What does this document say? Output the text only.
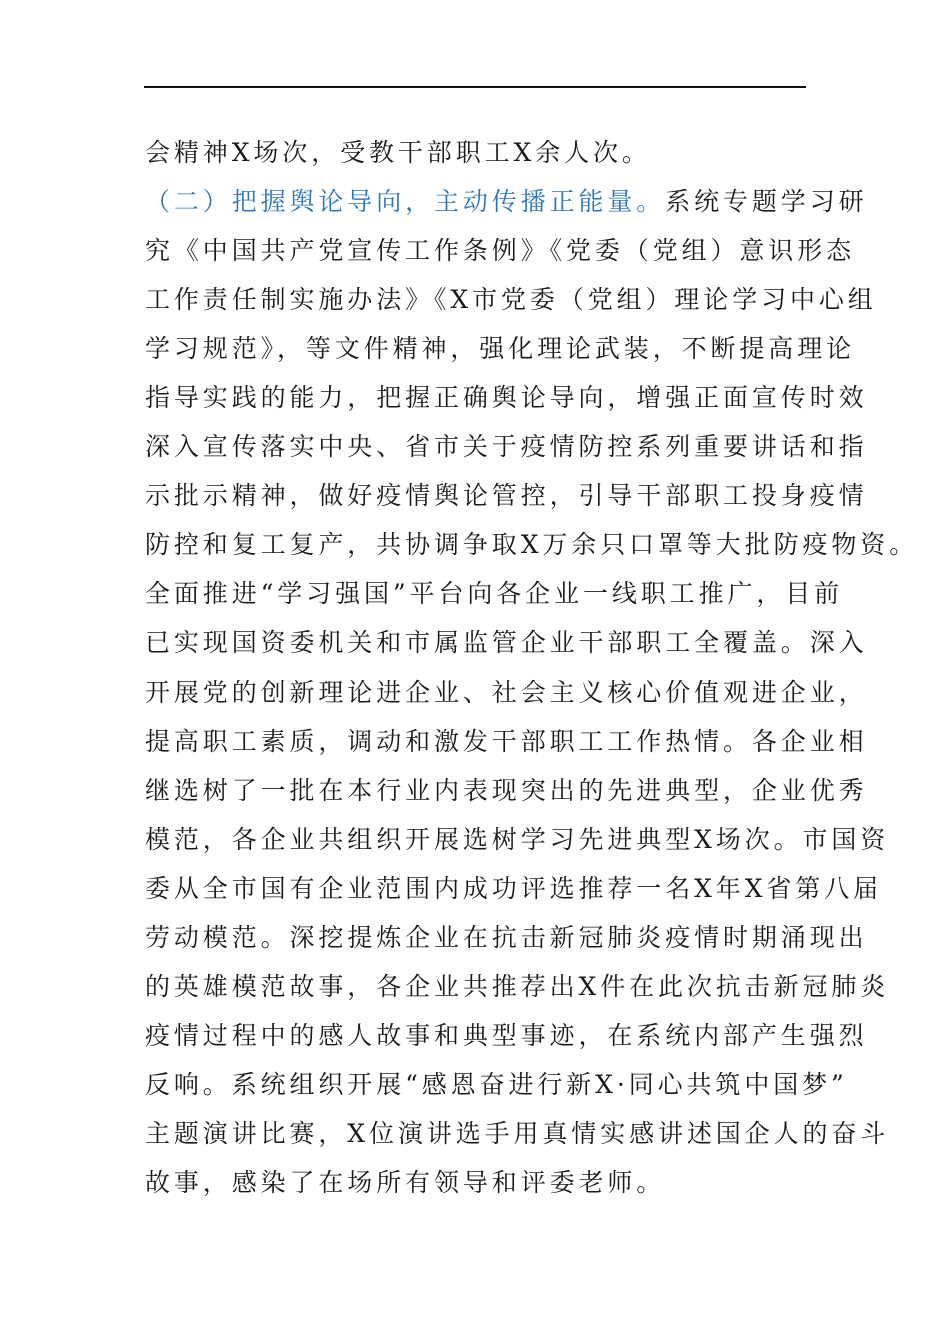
会精神X场次，受教干部职工X余人次。
（二）把握舆论导向，主动传播正能量。系统专题学习研
究《中国共产党宣传工作条例》《党委（党组）意识形态
工作责任制实施办法》《X市党委（党组）理论学习中心组
学习规范》，等文件精神，强化理论武装，不断提高理论
指导实践的能力，把握正确舆论导向，增强正面宣传时效
深入宣传落实中央、省市关于疫情防控系列重要讲话和指
示批示精神，做好疫情舆论管控，引导干部职工投身疫情
防控和复工复产，共协调争取X万余只口罩等大批防疫物资。
全面推进“学习强国”平台向各企业一线职工推广，目前
已实现国资委机关和市属监管企业干部职工全覆盖。深入
开展党的创新理论进企业、社会主义核心价值观进企业，
提高职工素质，调动和激发干部职工工作热情。各企业相
继选树了一批在本行业内表现突出的先进典型，企业优秀
模范，各企业共组织开展选树学习先进典型X场次。市国资
委从全市国有企业范围内成功评选推荐一名X年X省第八届
劳动模范。深挖提炼企业在抗击新冠肺炎疫情时期涌现出
的英雄模范故事，各企业共推荐出X件在此次抗击新冠肺炎
疫情过程中的感人故事和典型事迹，在系统内部产生强烈
反响。系统组织开展“感恩奋进行新X·同心共筑中国梦”
主题演讲比赛，X位演讲选手用真情实感讲述国企人的奋斗
故事，感染了在场所有领导和评委老师。
